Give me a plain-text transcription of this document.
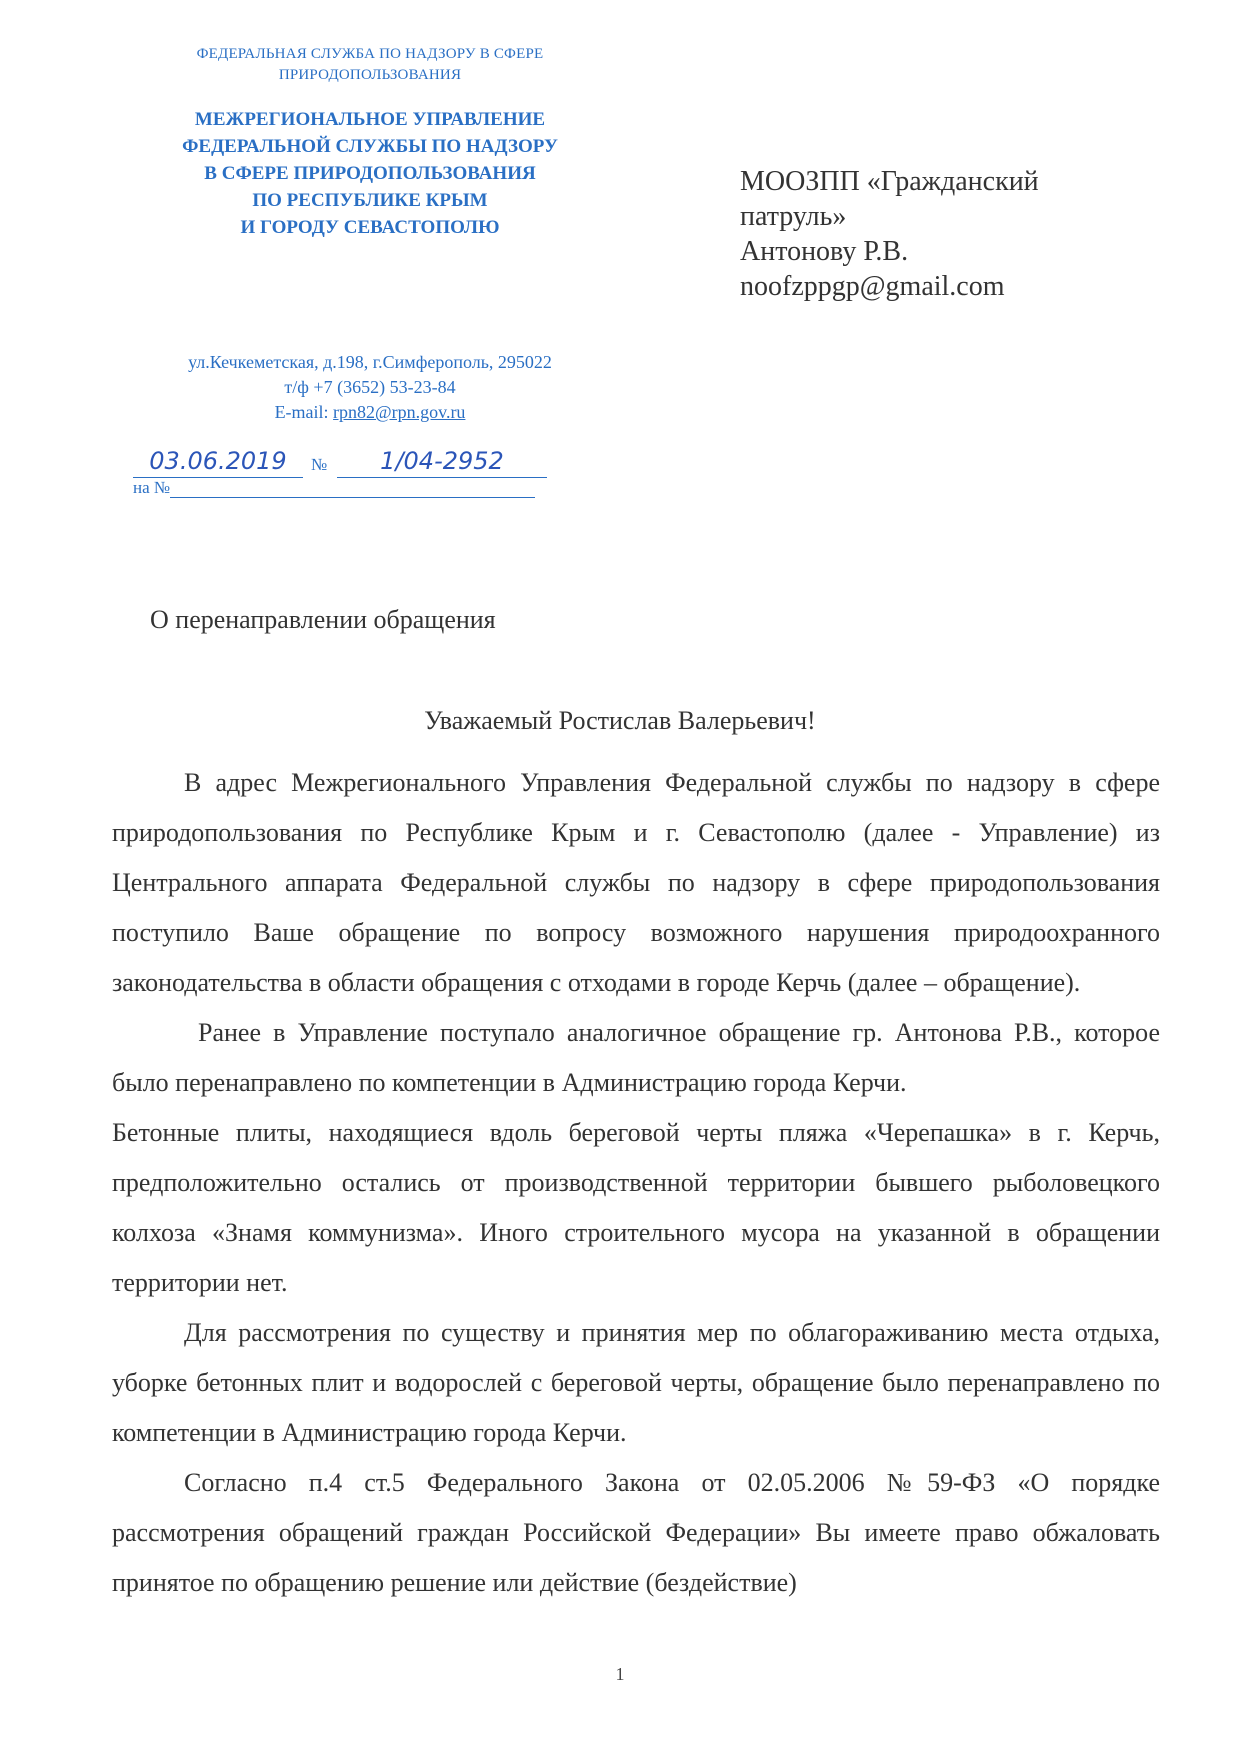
ФЕДЕРАЛЬНАЯ СЛУЖБА ПО НАДЗОРУ В СФЕРЕ
ПРИРОДОПОЛЬЗОВАНИЯ
МЕЖРЕГИОНАЛЬНОЕ УПРАВЛЕНИЕ
ФЕДЕРАЛЬНОЙ СЛУЖБЫ ПО НАДЗОРУ
В СФЕРЕ ПРИРОДОПОЛЬЗОВАНИЯ
ПО РЕСПУБЛИКЕ КРЫМ
И ГОРОДУ СЕВАСТОПОЛЮ
ул.Кечкеметская, д.198, г.Симферополь, 295022
т/ф +7 (3652) 53-23-84
E-mail: rpn82@rpn.gov.ru
03.06.2019	№	1/04-2952
на №
МООЗПП «Гражданский
патруль»
Антонову Р.В.
noofzppgp@gmail.com
О перенаправлении обращения
Уважаемый Ростислав Валерьевич!

В адрес Межрегионального Управления Федеральной службы по надзору в сфере природопользования по Республике Крым и г. Севастополю (далее - Управление) из Центрального аппарата Федеральной службы по надзору в сфере природопользования поступило Ваше обращение по вопросу возможного нарушения природоохранного законодательства в области обращения с отходами в городе Керчь (далее – обращение).

Ранее в Управление поступало аналогичное обращение гр. Антонова Р.В., которое было перенаправлено по компетенции в Администрацию города Керчи.

Бетонные плиты, находящиеся вдоль береговой черты пляжа «Черепашка» в г. Керчь, предположительно остались от производственной территории бывшего рыболовецкого колхоза «Знамя коммунизма». Иного строительного мусора на указанной в обращении территории нет.

Для рассмотрения по существу и принятия мер по облагораживанию места отдыха, уборке бетонных плит и водорослей с береговой черты, обращение было перенаправлено по компетенции в Администрацию города Керчи.

Согласно п.4 ст.5 Федерального Закона от 02.05.2006 №59-ФЗ «О порядке рассмотрения обращений граждан Российской Федерации» Вы имеете право обжаловать принятое по обращению решение или действие (бездействие)

1
